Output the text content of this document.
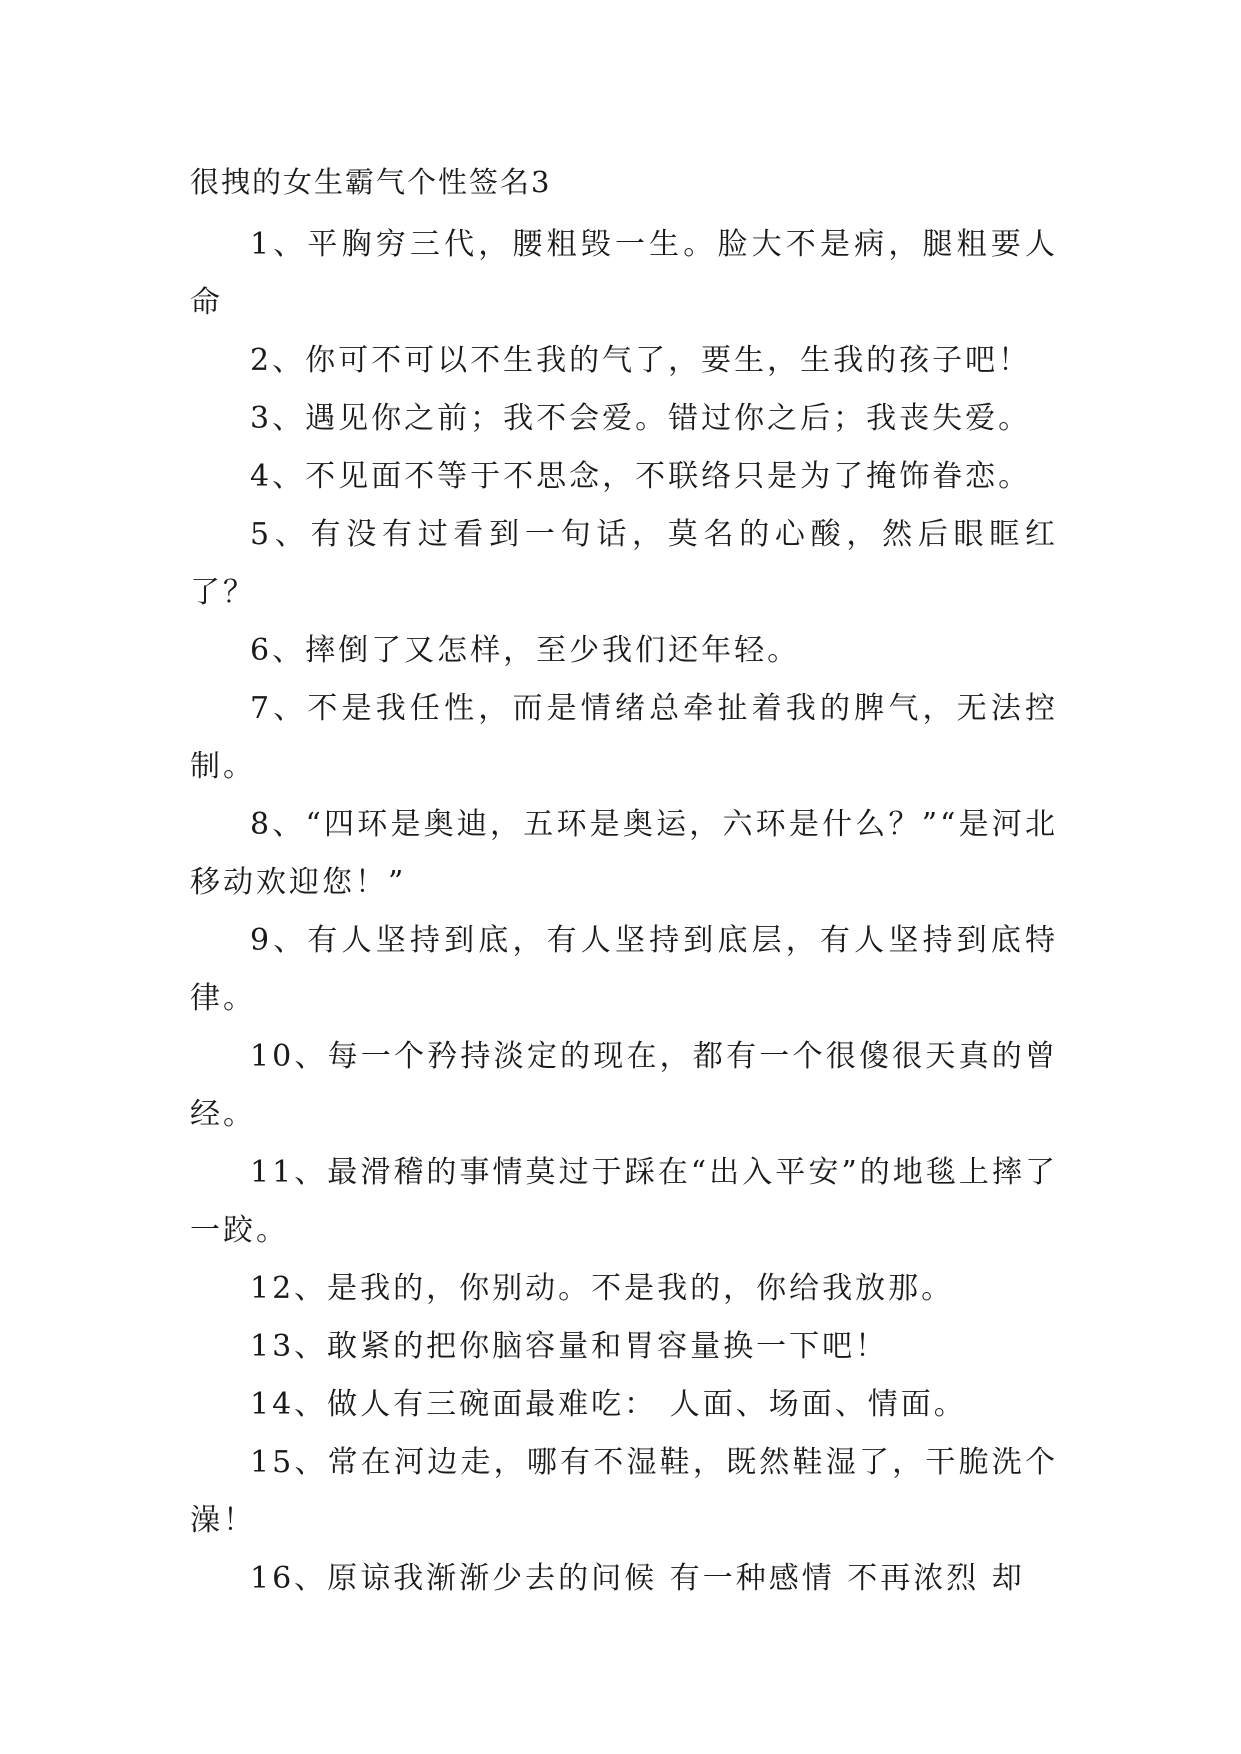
很拽的女生霸气个性签名3

1、平胸穷三代，腰粗毁一生。脸大不是病，腿粗要人命

2、你可不可以不生我的气了，要生，生我的孩子吧！

3、遇见你之前；我不会爱。错过你之后；我丧失爱。

4、不见面不等于不思念，不联络只是为了掩饰眷恋。

5、有没有过看到一句话，莫名的心酸，然后眼眶红了？

6、摔倒了又怎样，至少我们还年轻。

7、不是我任性，而是情绪总牵扯着我的脾气，无法控制。

8、“四环是奥迪，五环是奥运，六环是什么？”“是河北移动欢迎您！”

9、有人坚持到底，有人坚持到底层，有人坚持到底特律。

10、每一个矜持淡定的现在，都有一个很傻很天真的曾经。

11、最滑稽的事情莫过于踩在“出入平安”的地毯上摔了一跤。

12、是我的，你别动。不是我的，你给我放那。

13、敢紧的把你脑容量和胃容量换一下吧！

14、做人有三碗面最难吃： 人面、场面、情面。

15、常在河边走，哪有不湿鞋，既然鞋湿了，干脆洗个澡！

16、原谅我渐渐少去的问候 有一种感情 不再浓烈 却
